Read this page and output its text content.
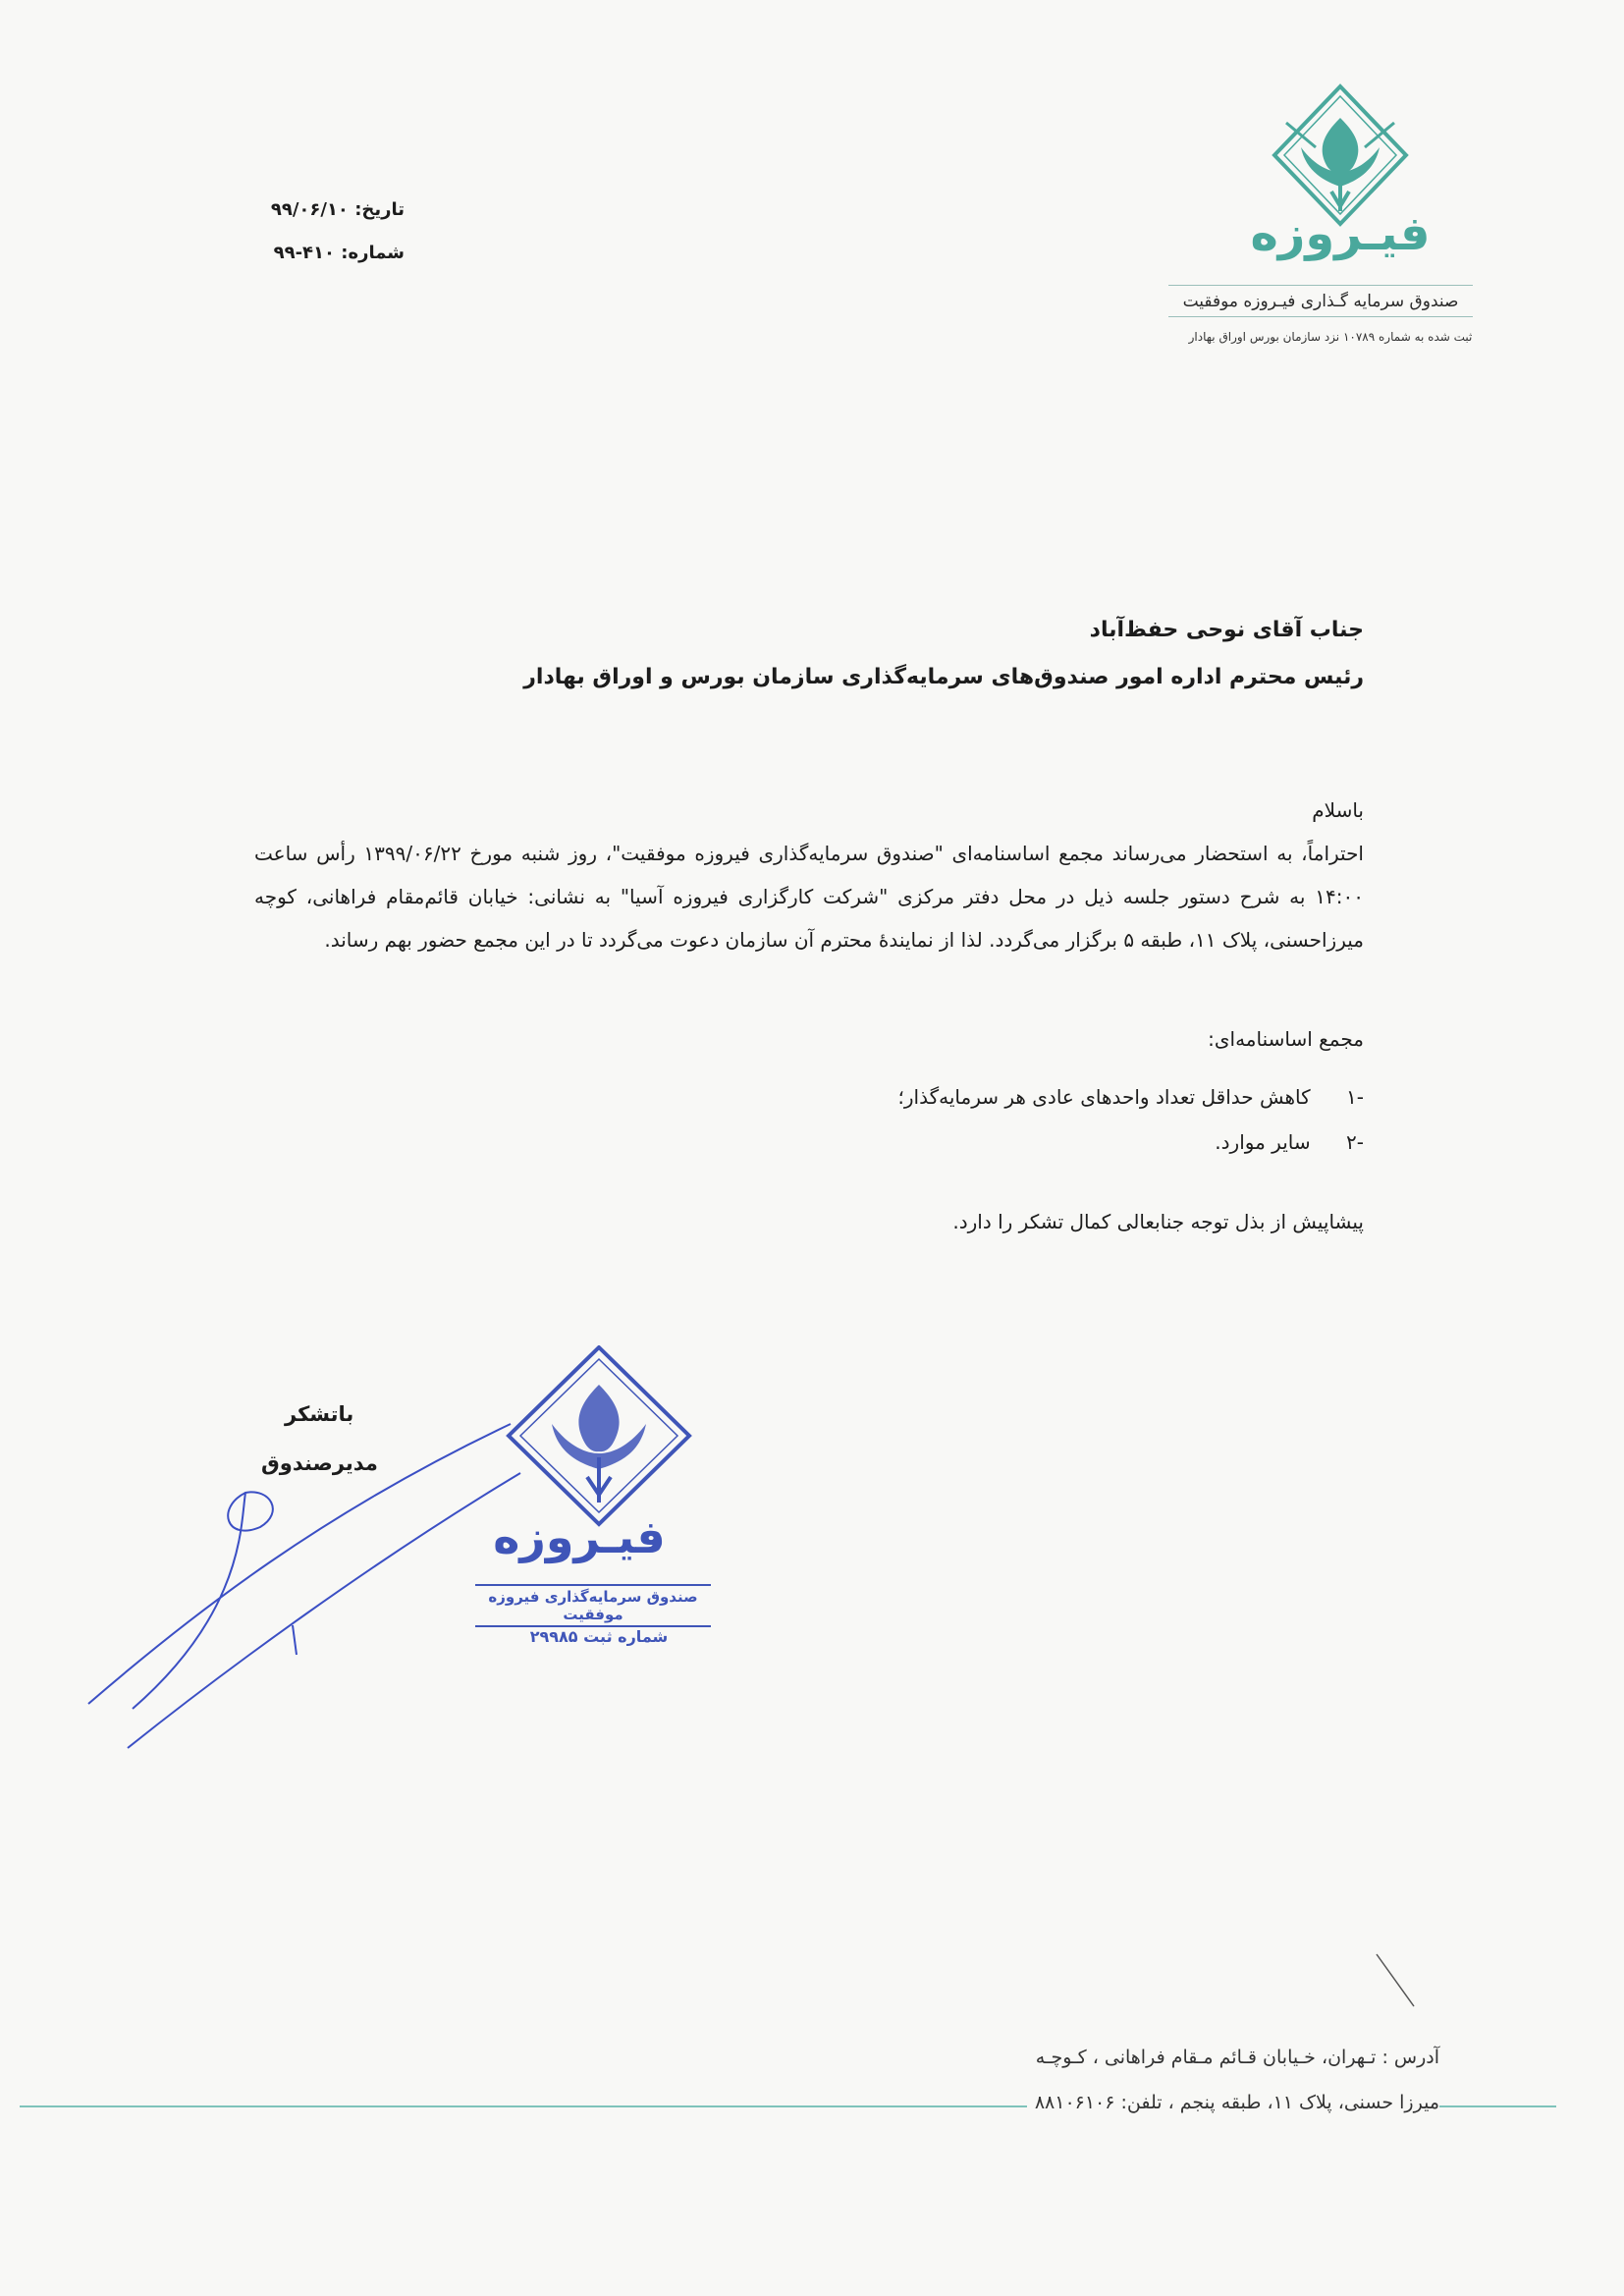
فیـروزه
صندوق سرمایه گـذاری فیـروزه موفقیت
ثبت شده به شماره ۱۰۷۸۹ نزد سازمان بورس اوراق بهادار
تاریخ: ۹۹/۰۶/۱۰
شماره: ۴۱۰-۹۹
جناب آقای نوحی حفظ‌آباد
رئیس محترم اداره امور صندوق‌های سرمایه‌گذاری سازمان بورس و اوراق بهادار
باسلام
احتراماً، به استحضار می‌رساند مجمع اساسنامه‌ای "صندوق سرمایه‌گذاری فیروزه موفقیت"، روز شنبه مورخ ۱۳۹۹/۰۶/۲۲ رأس ساعت ۱۴:۰۰ به شرح دستور جلسه ذیل در محل دفتر مرکزی "شرکت کارگزاری فیروزه آسیا" به نشانی: خیابان قائم‌مقام فراهانی، کوچه میرزاحسنی، پلاک ۱۱، طبقه ۵ برگزار می‌گردد. لذا از نمایندهٔ محترم آن سازمان دعوت می‌گردد تا در این مجمع حضور بهم رساند.
مجمع اساسنامه‌ای:
-۱ کاهش حداقل تعداد واحدهای عادی هر سرمایه‌گذار؛
-۲ سایر موارد.
پیشاپیش از بذل توجه جنابعالی کمال تشکر را دارد.
باتشکر
مدیرصندوق
فیـروزه
صندوق سرمایه‌گذاری فیروزه موفقیت
شماره ثبت ۲۹۹۸۵
آدرس : تـهران، خـیابان قـائم مـقام فراهانی ، کـوچـه
میرزا حسنی، پلاک ۱۱، طبقه پنجم ، تلفن: ۸۸۱۰۶۱۰۶
